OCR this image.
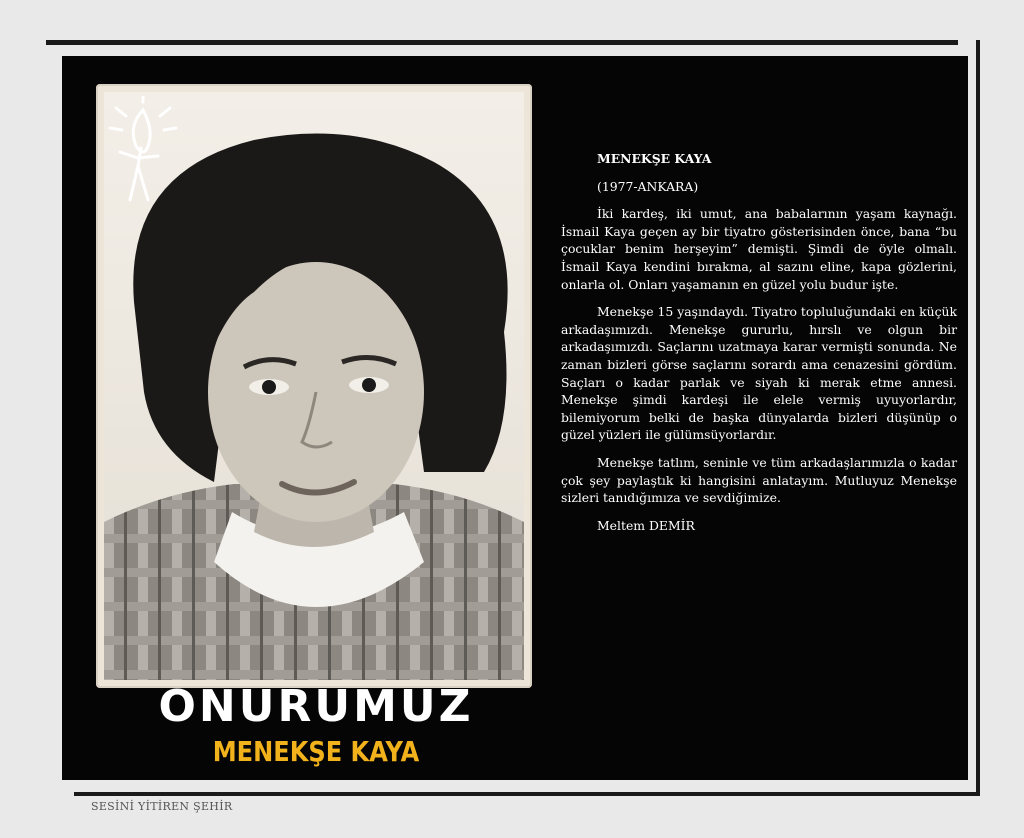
ONURUMUZ
MENEKŞE KAYA

MENEKŞE KAYA

(1977-ANKARA)

İki kardeş, iki umut, ana babalarının yaşam kaynağı. İsmail Kaya geçen ay bir tiyatro gösterisinden önce, bana “bu çocuklar benim herşeyim” demişti. Şimdi de öyle olmalı. İsmail Kaya kendini bırakma, al sazını eline, kapa gözlerini, onlarla ol. Onları yaşamanın en güzel yolu budur işte.

Menekşe 15 yaşındaydı. Tiyatro topluluğundaki en küçük arkadaşımızdı. Menekşe gururlu, hırslı ve olgun bir arkadaşımızdı. Saçlarını uzatmaya karar vermişti sonunda. Ne zaman bizleri görse saçlarını sorardı ama cenazesini gördüm. Saçları o kadar parlak ve siyah ki merak etme annesi. Menekşe şimdi kardeşi ile elele vermiş uyuyorlardır, bilemiyorum belki de başka dünyalarda bizleri düşünüp o güzel yüzleri ile gülümsüyorlardır.

Menekşe tatlım, seninle ve tüm arkadaşlarımızla o kadar çok şey paylaştık ki hangisini anlatayım. Mutluyuz Menekşe sizleri tanıdığımıza ve sevdiğimize.

Meltem DEMİR

SESİNİ YİTİREN ŞEHİR
